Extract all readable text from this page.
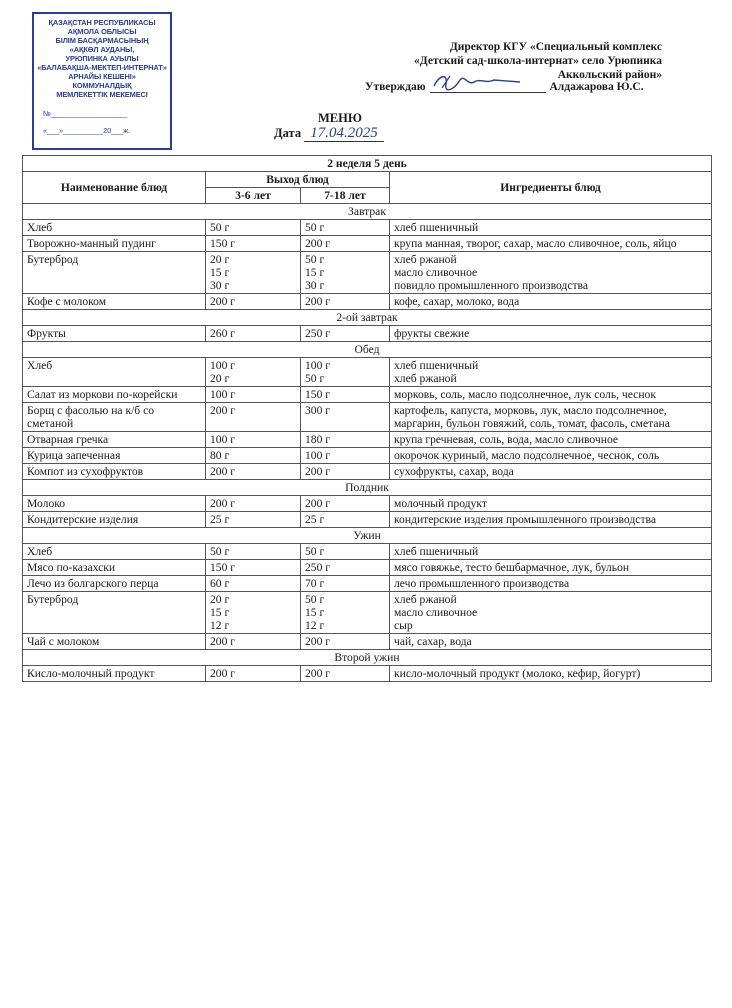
ҚАЗАҚСТАН РЕСПУБЛИКАСЫ
АҚМОЛА ОБЛЫСЫ
БІЛІМ БАСҚАРМАСЫНЫҢ
«АҚКӨЛ АУДАНЫ,
УРЮПИНКА АУЫЛЫ
«БАЛАБАҚША-МЕКТЕП-ИНТЕРНАТ»
АРНАЙЫ КЕШЕНІ»
КОММУНАЛДЫҚ
МЕМЛЕКЕТТІК МЕКЕМЕСІ
№___________________
«___»__________20___ж.
Директор КГУ «Специальный комплекс
«Детский сад-школа-интернат» село Урюпинка
Аккольский район»
Утверждаю	Алдажарова Ю.С.
МЕНЮ
Дата 17.04.2025
2 неделя 5 день			
Наименование блюд	Выход блюд		Ингредиенты блюд
	3-6 лет	7-18 лет	
Завтрак			
Хлеб	50 г	50 г	хлеб пшеничный

Творожно-манный пудинг	150 г	200 г	крупа манная, творог, сахар, масло сливочное, соль, яйцо

Бутерброд	20 г
15 г
30 г	50 г
15 г
30 г	хлеб ржаной
масло сливочное
повидло промышленного производства

Кофе с молоком	200 г	200 г	кофе, сахар, молоко, вода

2-ой завтрак			
Фрукты	260 г	250 г	фрукты свежие

Обед			
Хлеб	100 г
20 г	100 г
50 г	хлеб пшеничный
хлеб ржаной

Салат из моркови по-корейски	100 г	150 г	морковь, соль, масло подсолнечное, лук соль, чеснок

Борщ с фасолью на к/б со сметаной	200 г	300 г	картофель, капуста, морковь, лук, масло подсолнечное, маргарин, бульон говяжий, соль, томат, фасоль, сметана

Отварная гречка	100 г	180 г	крупа гречневая, соль, вода, масло сливочное

Курица запеченная	80 г	100 г	окорочок куриный, масло подсолнечное, чеснок, соль

Компот из сухофруктов	200 г	200 г	сухофрукты, сахар, вода

Полдник			
Молоко	200 г	200 г	молочный продукт

Кондитерские изделия	25 г	25 г	кондитерские изделия промышленного производства

Ужин			
Хлеб	50 г	50 г	хлеб пшеничный

Мясо по-казахски	150 г	250 г	мясо говяжье, тесто бешбармачное, лук, бульон

Лечо из болгарского перца	60 г	70 г	лечо промышленного производства

Бутерброд	20 г
15 г
12 г	50 г
15 г
12 г	хлеб ржаной
масло сливочное
сыр

Чай с молоком	200 г	200 г	чай, сахар, вода

Второй ужин			
Кисло-молочный продукт	200 г	200 г	кисло-молочный продукт (молоко, кефир, йогурт)
